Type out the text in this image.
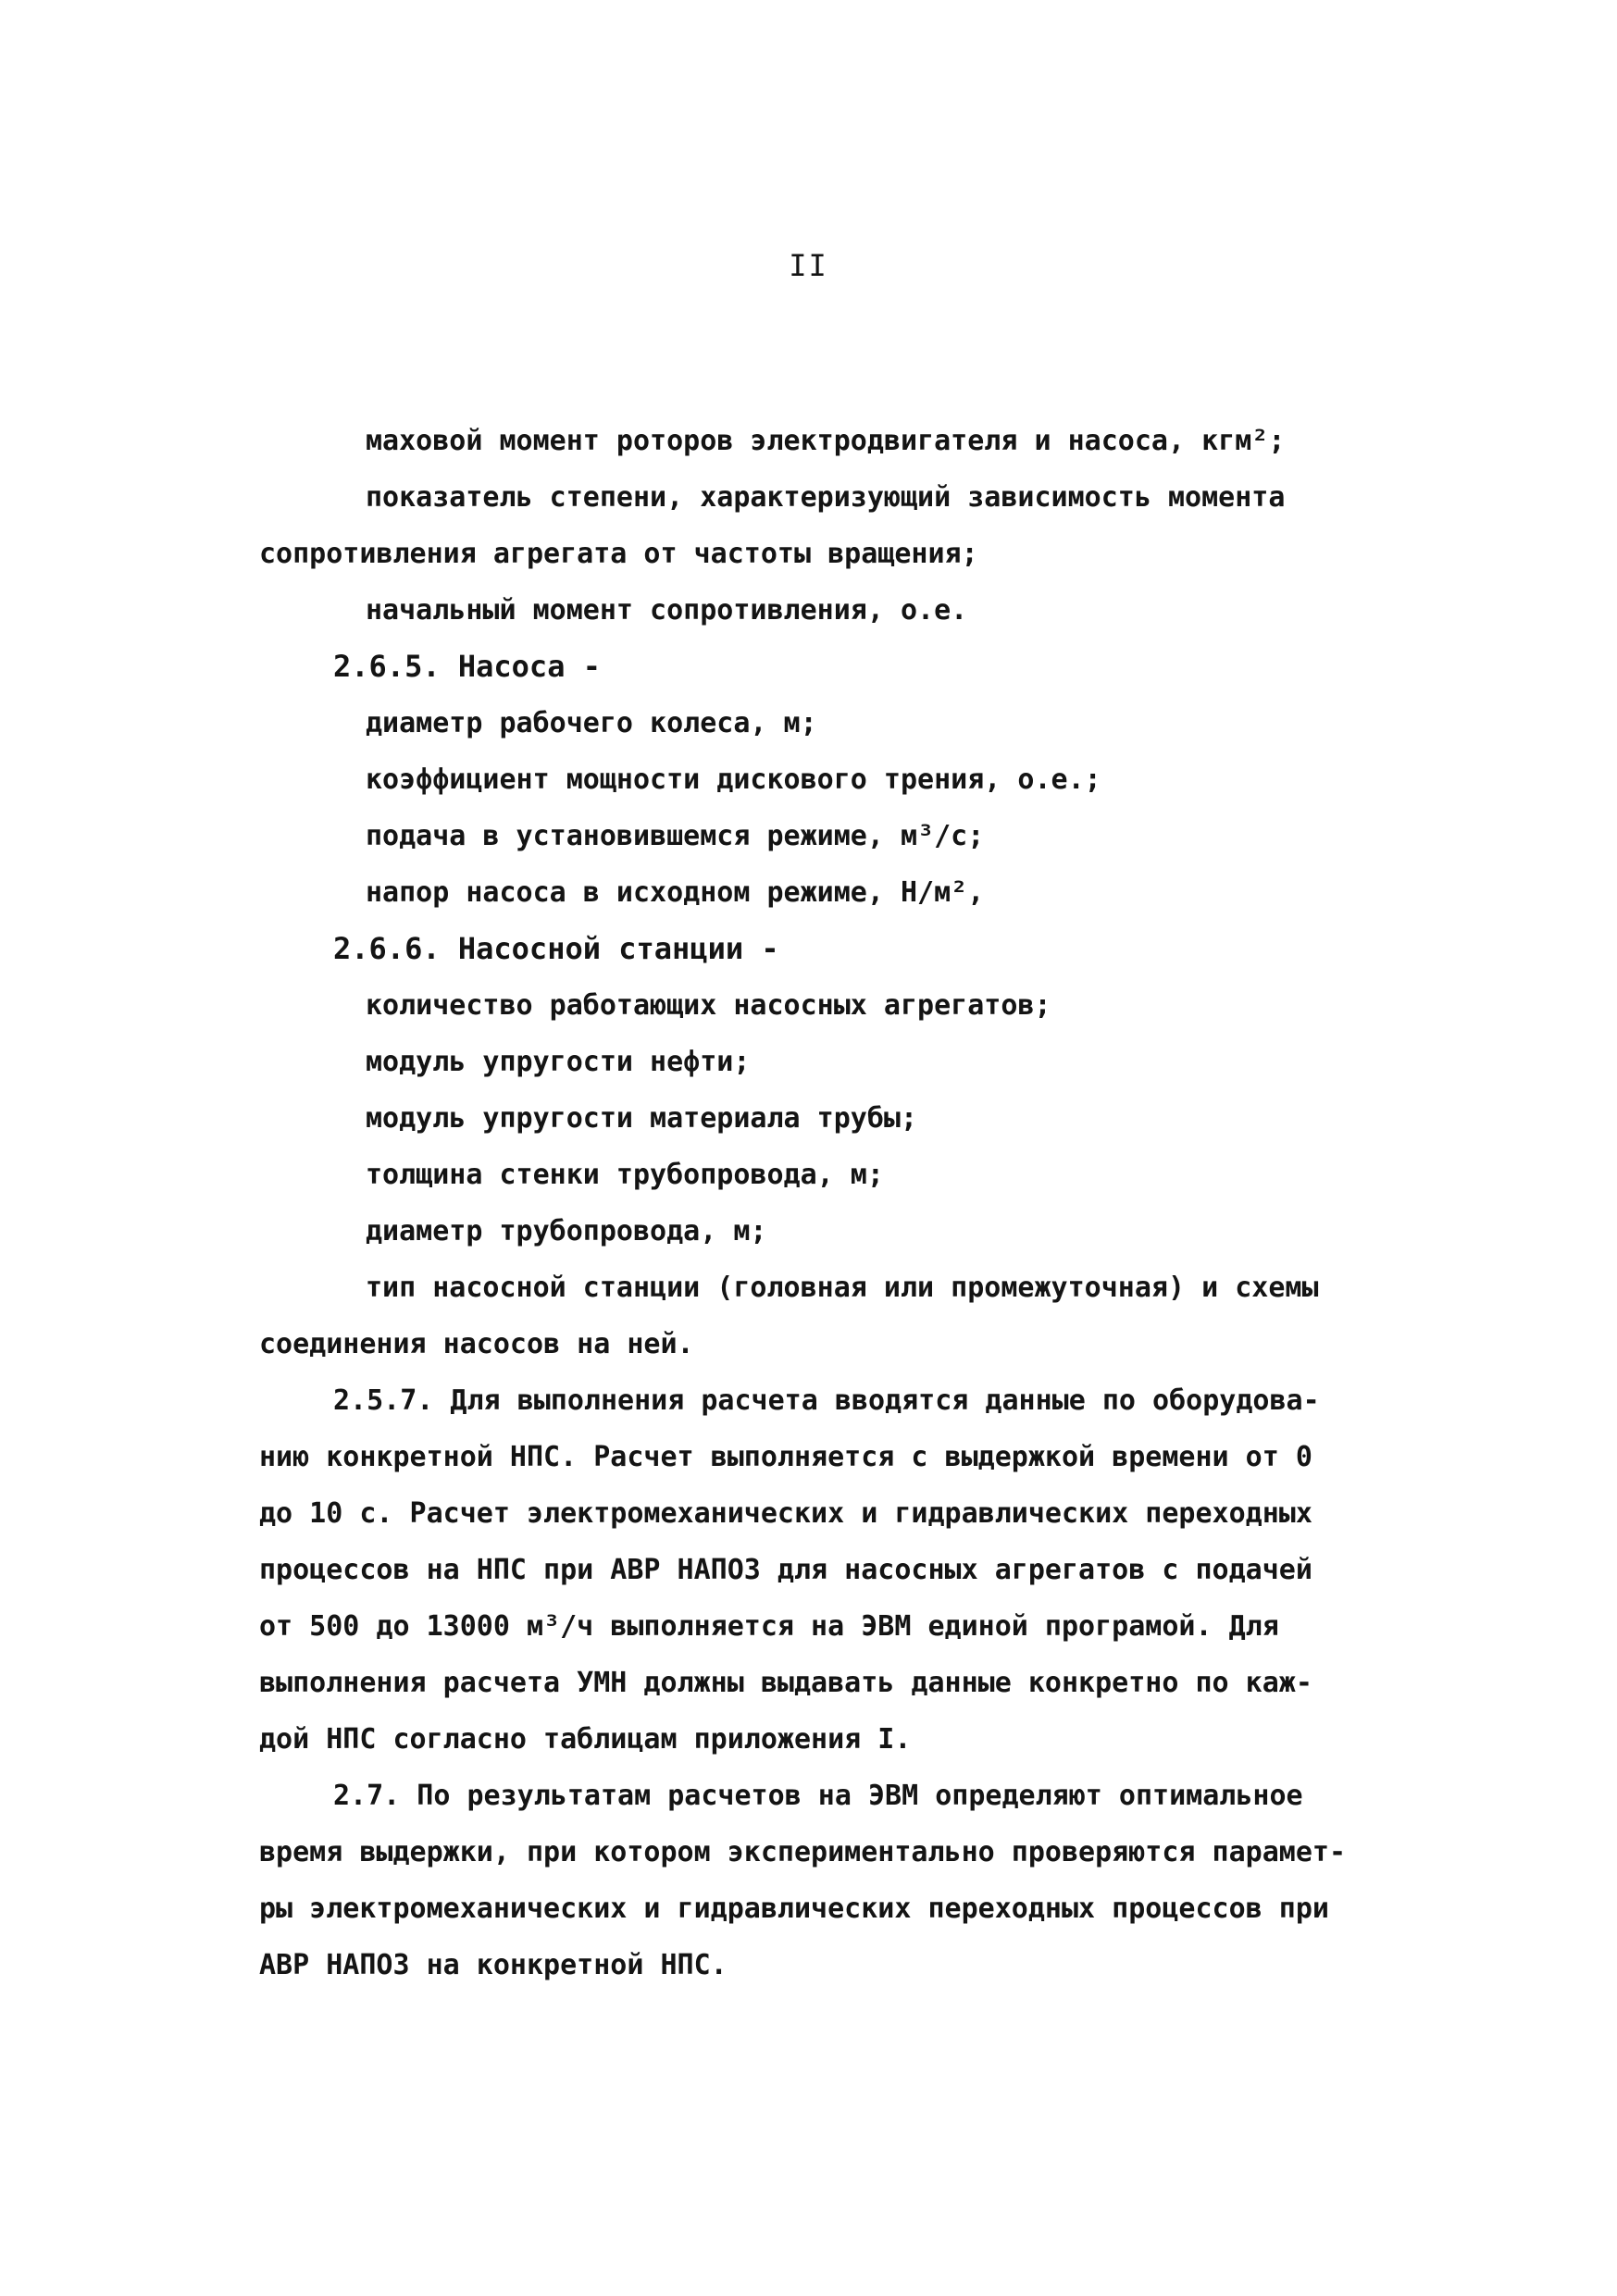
II
маховой момент роторов электродвигателя и насоса, кгм²;
показатель степени, характеризующий зависимость момента
сопротивления агрегата от частоты вращения;
начальный момент сопротивления, о.е.
2.6.5. Насоса -
диаметр рабочего колеса, м;
коэффициент мощности дискового трения, о.е.;
подача в установившемся режиме, м³/с;
напор насоса в исходном режиме, Н/м²,
2.6.6. Насосной станции -
количество работающих насосных агрегатов;
модуль упругости нефти;
модуль упругости материала трубы;
толщина стенки трубопровода, м;
диаметр трубопровода, м;
тип насосной станции (головная или промежуточная) и схемы
соединения насосов на ней.
2.5.7. Для выполнения расчета вводятся данные по оборудова-
нию конкретной НПС. Расчет выполняется с выдержкой времени от 0
до 10 с. Расчет электромеханических и гидравлических переходных
процессов на НПС при АВР НАПОЗ для насосных агрегатов с подачей
от 500 до 13000 м³/ч выполняется на ЭВМ единой програмой. Для
выполнения расчета УМН должны выдавать данные конкретно по каж-
дой НПС согласно таблицам приложения I.
2.7. По результатам расчетов на ЭВМ определяют оптимальное
время выдержки, при котором экспериментально проверяются парамет-
ры электромеханических и гидравлических переходных процессов при
АВР НАПОЗ на конкретной НПС.
